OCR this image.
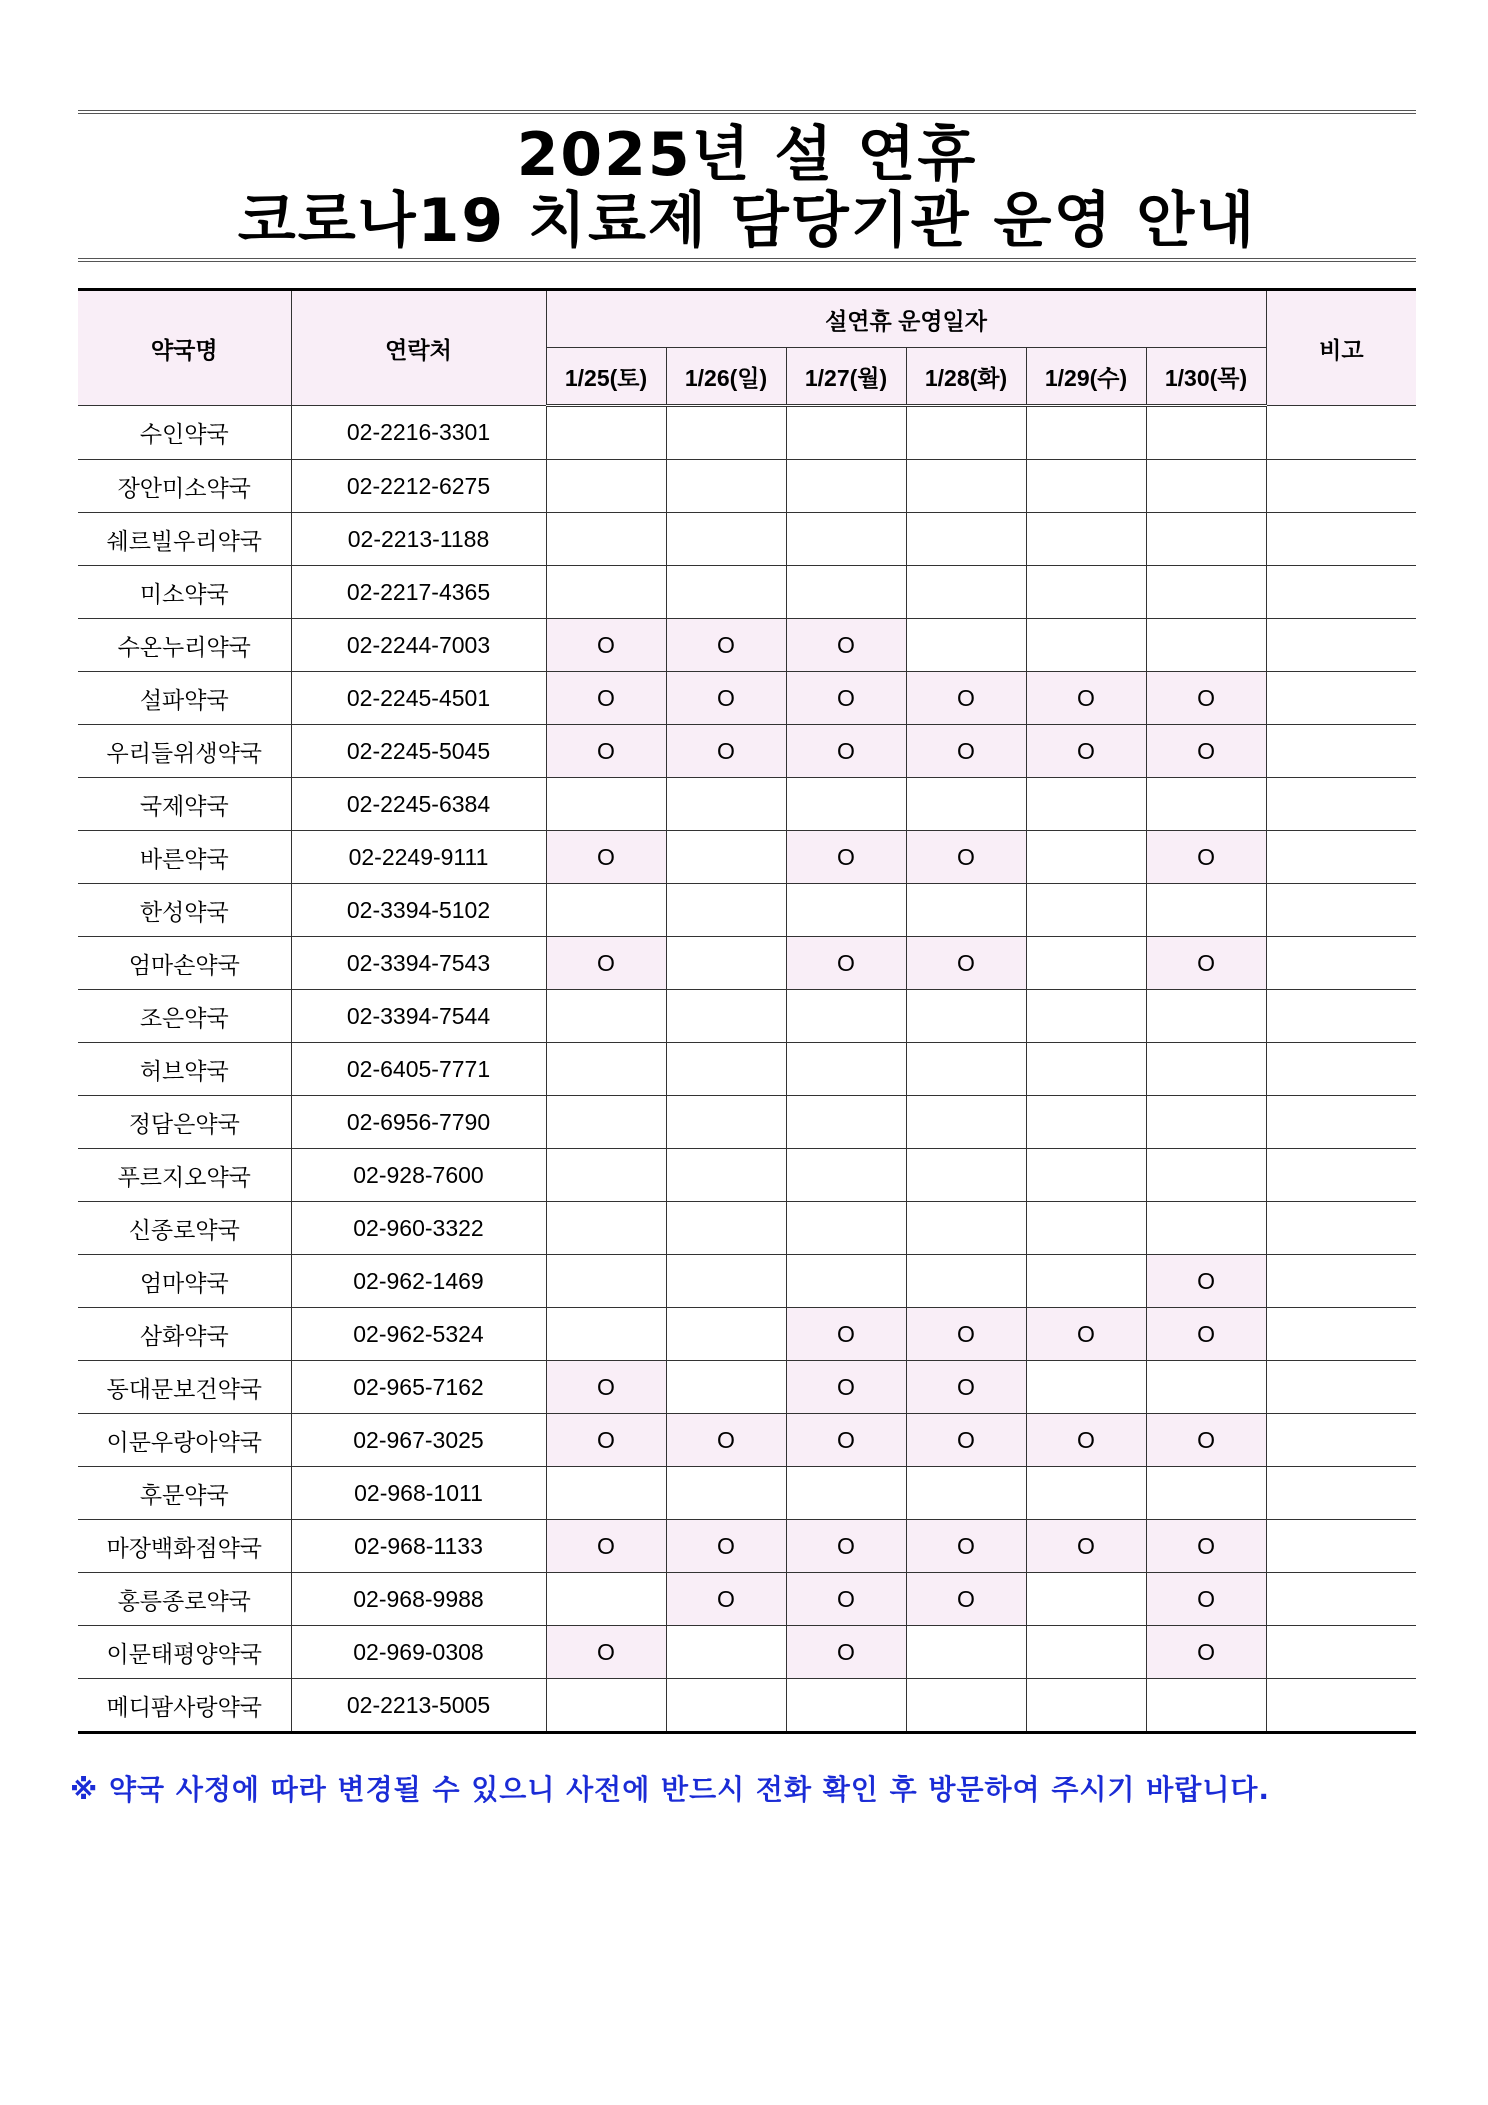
2025년 설 연휴

코로나19 치료제 담당기관 운영 안내

약국명	연락처	설연휴 운영일자						비고
		1/25(토)	1/26(일)	1/27(월)	1/28(화)	1/29(수)	1/30(목)	
수인약국	02-2216-3301							
장안미소약국	02-2212-6275							
쉐르빌우리약국	02-2213-1188							
미소약국	02-2217-4365							
수온누리약국	02-2244-7003	O	O	O				
설파약국	02-2245-4501	O	O	O	O	O	O	
우리들위생약국	02-2245-5045	O	O	O	O	O	O	
국제약국	02-2245-6384							
바른약국	02-2249-9111	O		O	O		O	
한성약국	02-3394-5102							
엄마손약국	02-3394-7543	O		O	O		O	
조은약국	02-3394-7544							
허브약국	02-6405-7771							
정담은약국	02-6956-7790							
푸르지오약국	02-928-7600							
신종로약국	02-960-3322							
엄마약국	02-962-1469						O	
삼화약국	02-962-5324			O	O	O	O	
동대문보건약국	02-965-7162	O		O	O			
이문우랑아약국	02-967-3025	O	O	O	O	O	O	
후문약국	02-968-1011							
마장백화점약국	02-968-1133	O	O	O	O	O	O	
홍릉종로약국	02-968-9988		O	O	O		O	
이문태평양약국	02-969-0308	O		O			O	
메디팜사랑약국	02-2213-5005							
※ 약국 사정에 따라 변경될 수 있으니 사전에 반드시 전화 확인 후 방문하여 주시기 바랍니다.
